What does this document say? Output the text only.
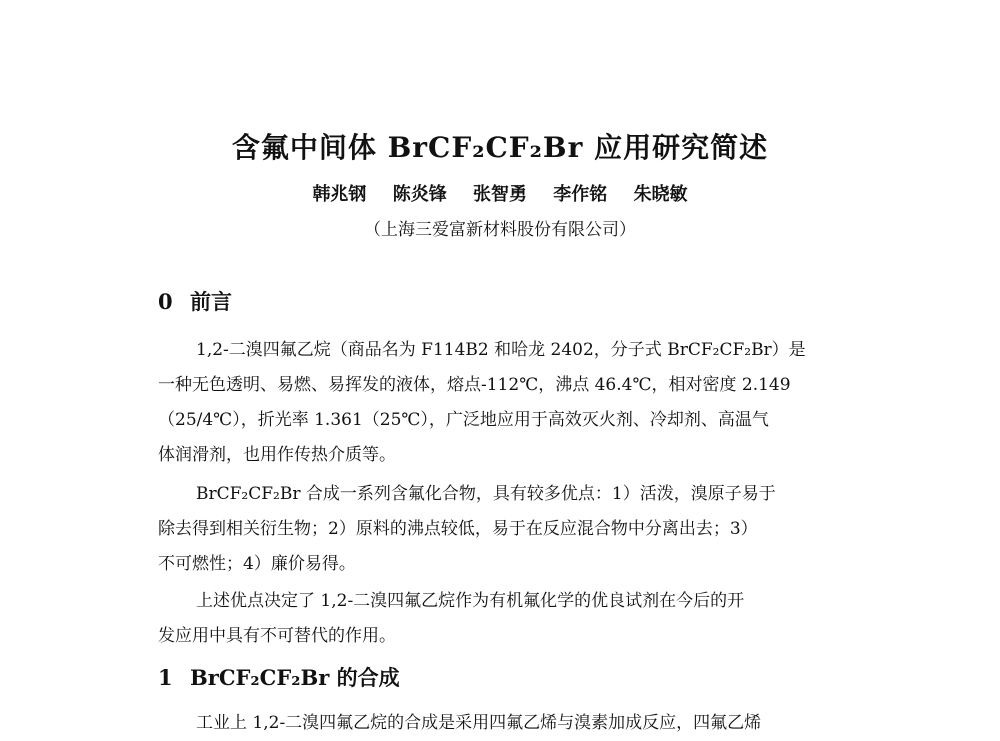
含氟中间体 BrCF₂CF₂Br 应用研究简述
韩兆钢 陈炎锋 张智勇 李作铭 朱晓敏
（上海三爱富新材料股份有限公司）
0 前言
1,2-二溴四氟乙烷（商品名为 F114B2 和哈龙 2402，分子式 BrCF₂CF₂Br）是
一种无色透明、易燃、易挥发的液体，熔点-112℃，沸点 46.4℃，相对密度 2.149
（25/4℃），折光率 1.361（25℃），广泛地应用于高效灭火剂、冷却剂、高温气
体润滑剂，也用作传热介质等。
BrCF₂CF₂Br 合成一系列含氟化合物，具有较多优点：1）活泼，溴原子易于
除去得到相关衍生物；2）原料的沸点较低，易于在反应混合物中分离出去；3）
不可燃性；4）廉价易得。
上述优点决定了 1,2-二溴四氟乙烷作为有机氟化学的优良试剂在今后的开
发应用中具有不可替代的作用。
1 BrCF₂CF₂Br 的合成
工业上 1,2-二溴四氟乙烷的合成是采用四氟乙烯与溴素加成反应，四氟乙烯
